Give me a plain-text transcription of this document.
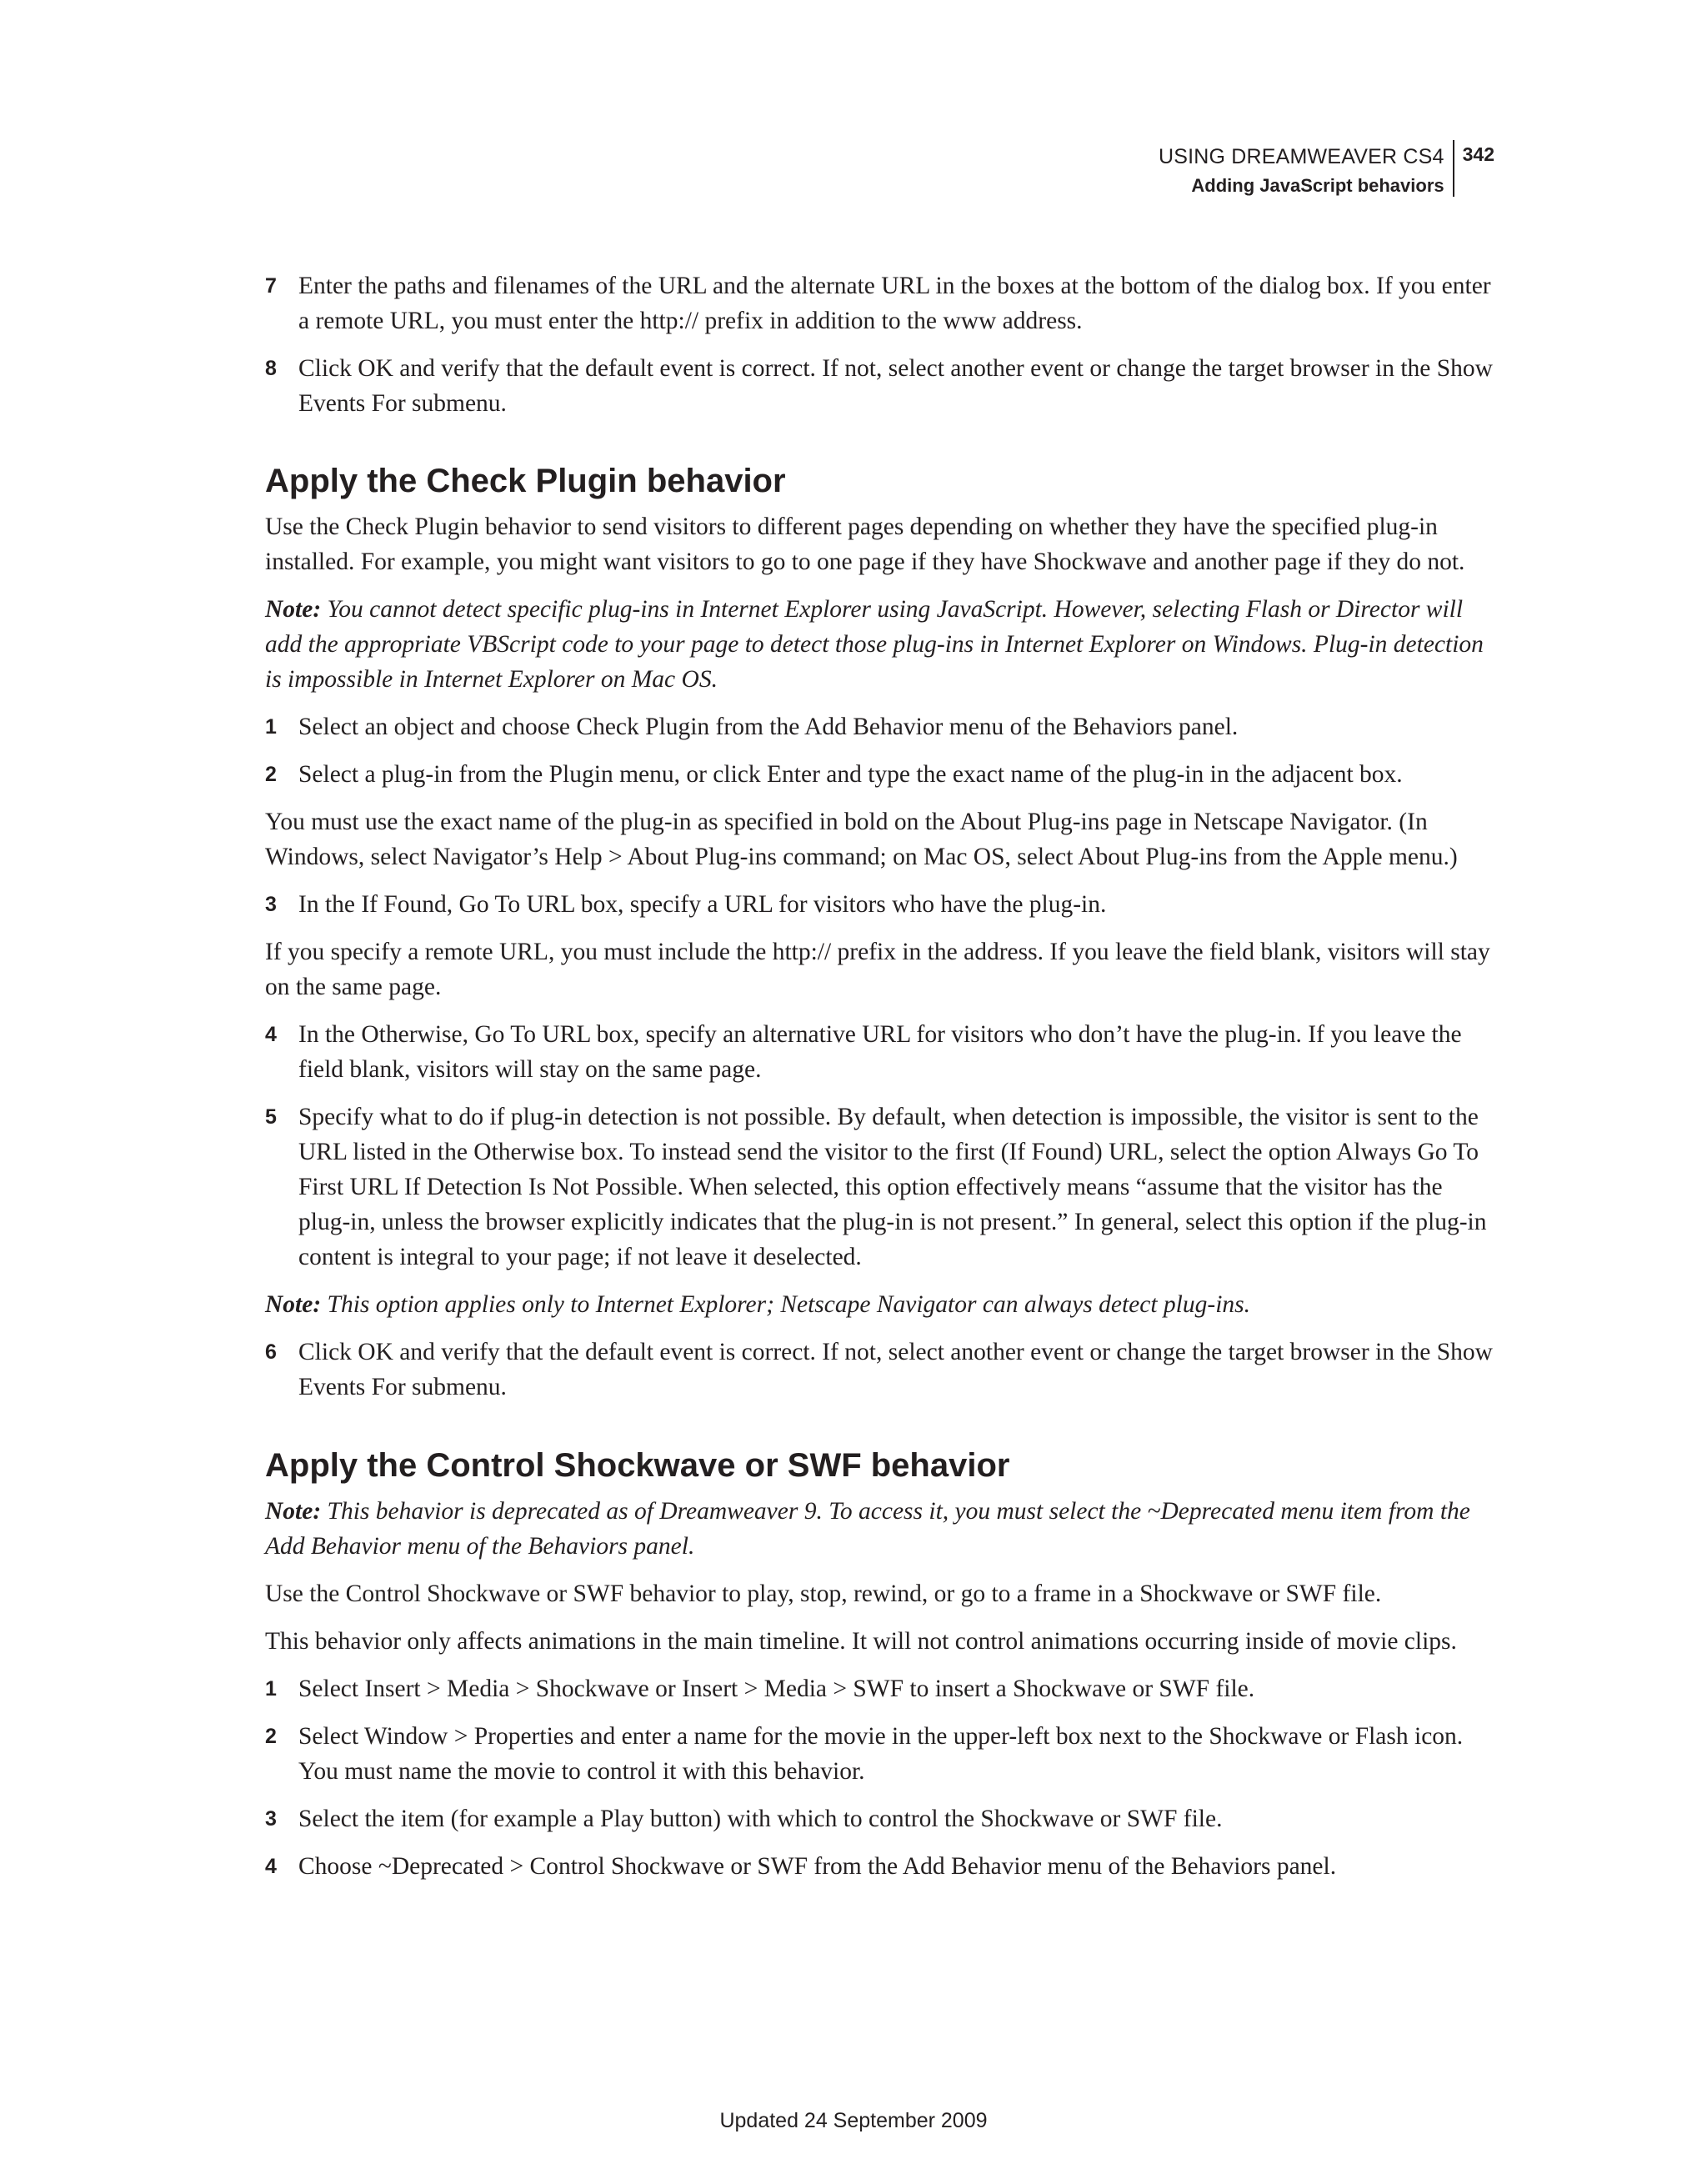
USING DREAMWEAVER CS4
Adding JavaScript behaviors
342
7 Enter the paths and filenames of the URL and the alternate URL in the boxes at the bottom of the dialog box. If you enter a remote URL, you must enter the http:// prefix in addition to the www address.
8 Click OK and verify that the default event is correct. If not, select another event or change the target browser in the Show Events For submenu.
Apply the Check Plugin behavior

Use the Check Plugin behavior to send visitors to different pages depending on whether they have the specified plug-in installed. For example, you might want visitors to go to one page if they have Shockwave and another page if they do not.

Note: You cannot detect specific plug-ins in Internet Explorer using JavaScript. However, selecting Flash or Director will add the appropriate VBScript code to your page to detect those plug-ins in Internet Explorer on Windows. Plug-in detection is impossible in Internet Explorer on Mac OS.

1 Select an object and choose Check Plugin from the Add Behavior menu of the Behaviors panel.
2 Select a plug-in from the Plugin menu, or click Enter and type the exact name of the plug-in in the adjacent box.

You must use the exact name of the plug-in as specified in bold on the About Plug-ins page in Netscape Navigator. (In Windows, select Navigator’s Help > About Plug-ins command; on Mac OS, select About Plug-ins from the Apple menu.)

3 In the If Found, Go To URL box, specify a URL for visitors who have the plug-in.

If you specify a remote URL, you must include the http:// prefix in the address. If you leave the field blank, visitors will stay on the same page.

4 In the Otherwise, Go To URL box, specify an alternative URL for visitors who don’t have the plug-in. If you leave the field blank, visitors will stay on the same page.
5 Specify what to do if plug-in detection is not possible. By default, when detection is impossible, the visitor is sent to the URL listed in the Otherwise box. To instead send the visitor to the first (If Found) URL, select the option Always Go To First URL If Detection Is Not Possible. When selected, this option effectively means “assume that the visitor has the plug-in, unless the browser explicitly indicates that the plug-in is not present.” In general, select this option if the plug-in content is integral to your page; if not leave it deselected.

Note: This option applies only to Internet Explorer; Netscape Navigator can always detect plug-ins.

6 Click OK and verify that the default event is correct. If not, select another event or change the target browser in the Show Events For submenu.
Apply the Control Shockwave or SWF behavior

Note: This behavior is deprecated as of Dreamweaver 9. To access it, you must select the ~Deprecated menu item from the Add Behavior menu of the Behaviors panel.

Use the Control Shockwave or SWF behavior to play, stop, rewind, or go to a frame in a Shockwave or SWF file.

This behavior only affects animations in the main timeline. It will not control animations occurring inside of movie clips.

1 Select Insert > Media > Shockwave or Insert > Media > SWF to insert a Shockwave or SWF file.
2 Select Window > Properties and enter a name for the movie in the upper-left box next to the Shockwave or Flash icon. You must name the movie to control it with this behavior.
3 Select the item (for example a Play button) with which to control the Shockwave or SWF file.
4 Choose ~Deprecated > Control Shockwave or SWF from the Add Behavior menu of the Behaviors panel.
Updated 24 September 2009
